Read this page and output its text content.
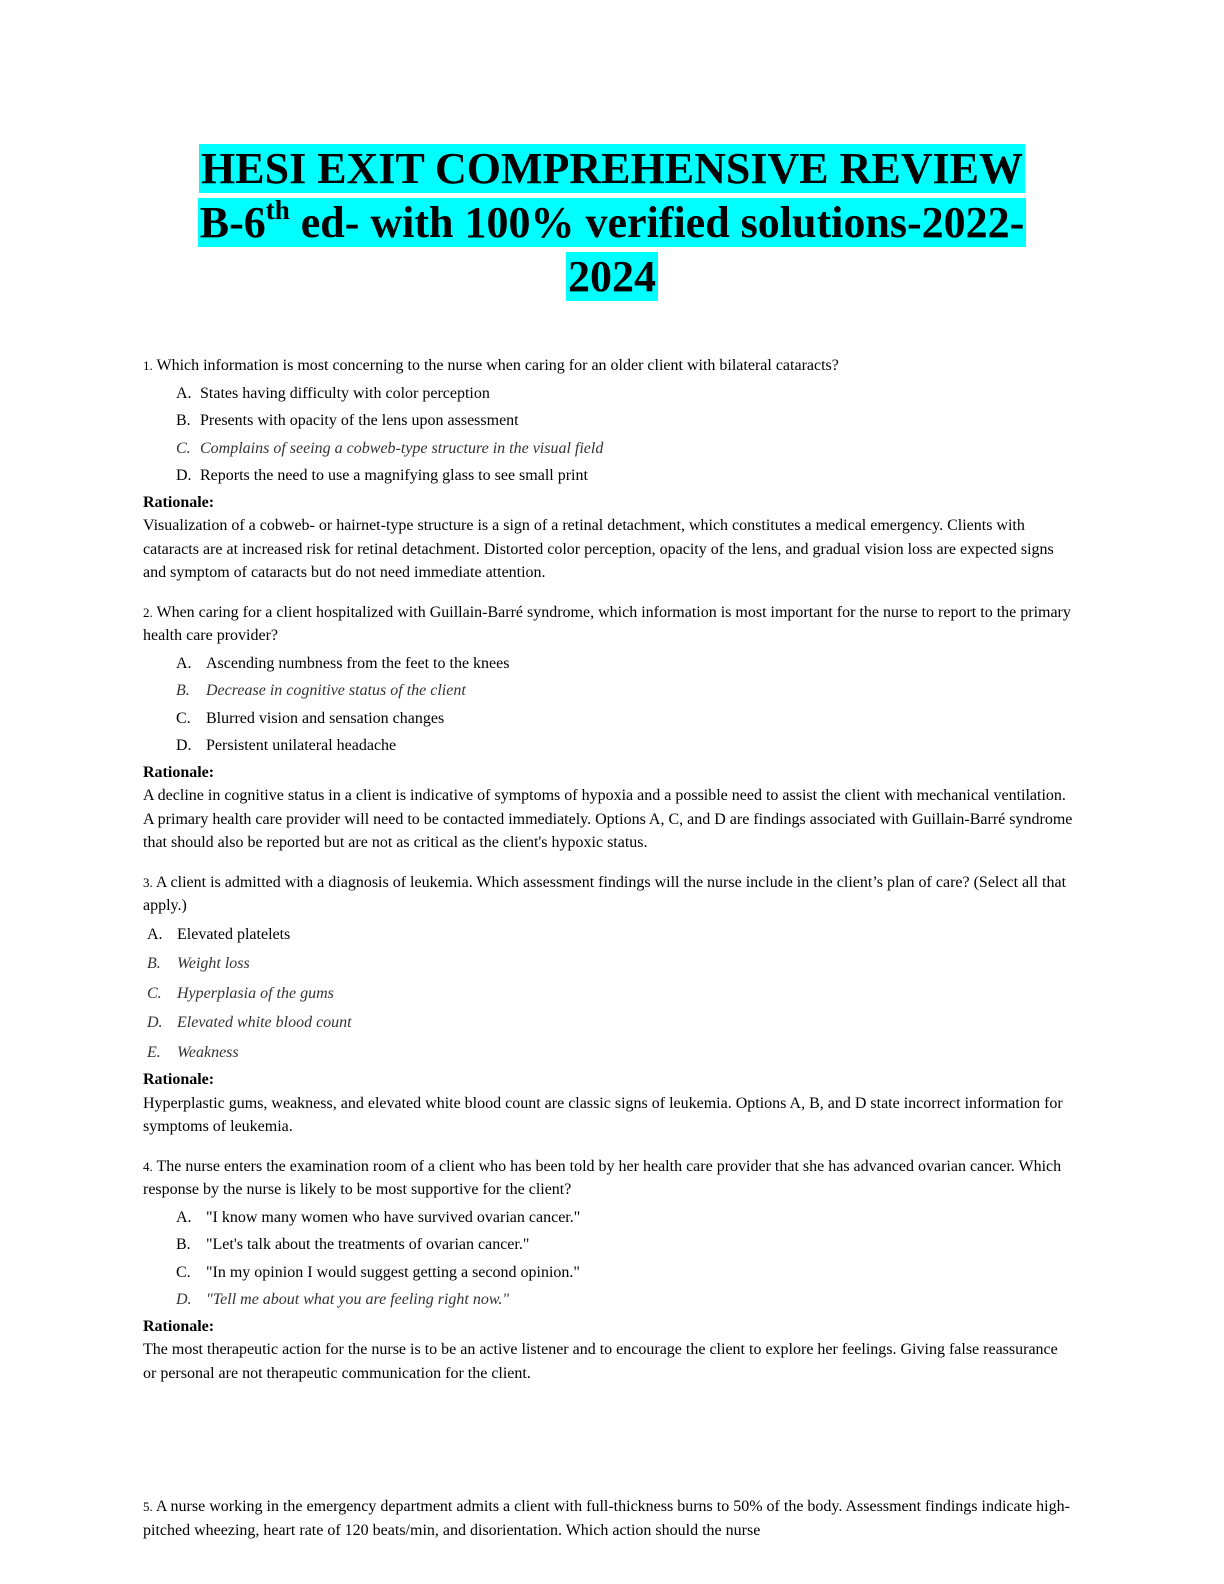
HESI EXIT COMPREHENSIVE REVIEW
B-6th ed- with 100% verified solutions-2022-
2024
1. Which information is most concerning to the nurse when caring for an older client with bilateral cataracts?
A. States having difficulty with color perception
B. Presents with opacity of the lens upon assessment
C. Complains of seeing a cobweb-type structure in the visual field
D. Reports the need to use a magnifying glass to see small print
Rationale:

Visualization of a cobweb- or hairnet-type structure is a sign of a retinal detachment, which constitutes a medical emergency. Clients with cataracts are at increased risk for retinal detachment. Distorted color perception, opacity of the lens, and gradual vision loss are expected signs and symptom of cataracts but do not need immediate attention.

2. When caring for a client hospitalized with Guillain-Barré syndrome, which information is most important for the nurse to report to the primary health care provider?
A. Ascending numbness from the feet to the knees
B.	Decrease in cognitive status of the client
C. Blurred vision and sensation changes
D. Persistent unilateral headache
Rationale:

A decline in cognitive status in a client is indicative of symptoms of hypoxia and a possible need to assist the client with mechanical ventilation. A primary health care provider will need to be contacted immediately. Options A, C, and D are findings associated with Guillain-Barré syndrome that should also be reported but are not as critical as the client's hypoxic status.

3. A client is admitted with a diagnosis of leukemia. Which assessment findings will the nurse include in the client’s plan of care? (Select all that apply.)
A. Elevated platelets
B.	Weight loss
C. Hyperplasia of the gums
D. Elevated white blood count
E.	Weakness
Rationale:

Hyperplastic gums, weakness, and elevated white blood count are classic signs of leukemia. Options A, B, and D state incorrect information for symptoms of leukemia.

4. The nurse enters the examination room of a client who has been told by her health care provider that she has advanced ovarian cancer. Which response by the nurse is likely to be most supportive for the client?
A. "I know many women who have survived ovarian cancer."
B. "Let's talk about the treatments of ovarian cancer."
C. "In my opinion I would suggest getting a second opinion."
D. "Tell me about what you are feeling right now."
Rationale:

The most therapeutic action for the nurse is to be an active listener and to encourage the client to explore her feelings. Giving false reassurance or personal are not therapeutic communication for the client.

5. A nurse working in the emergency department admits a client with full-thickness burns to 50% of the body. Assessment findings indicate high-pitched wheezing, heart rate of 120 beats/min, and disorientation. Which action should the nurse
